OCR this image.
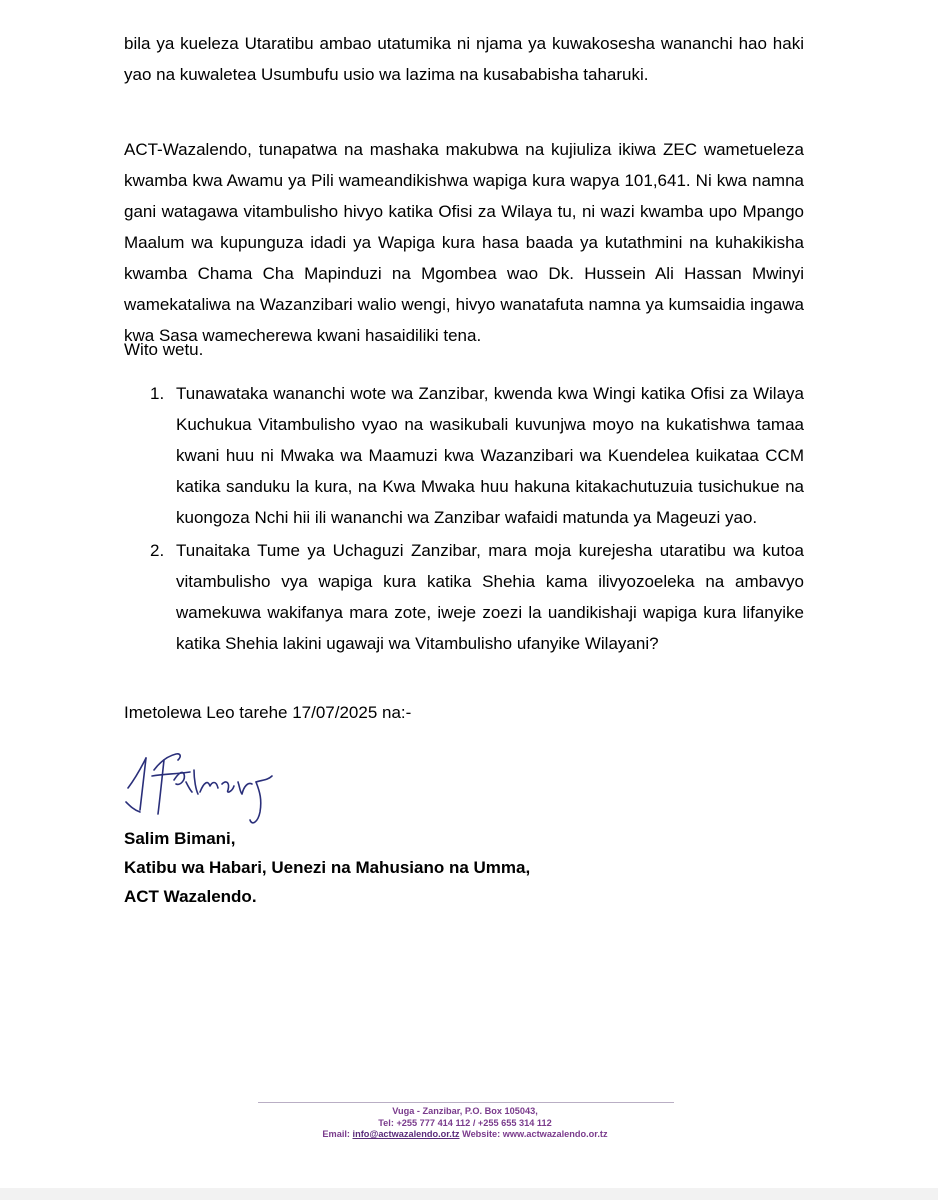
bila ya kueleza Utaratibu ambao utatumika ni njama ya kuwakosesha wananchi hao haki yao na kuwaletea Usumbufu usio wa lazima na kusababisha taharuki.

ACT-Wazalendo, tunapatwa na mashaka makubwa na kujiuliza ikiwa ZEC wametueleza kwamba kwa Awamu ya Pili wameandikishwa wapiga kura wapya 101,641. Ni kwa namna gani watagawa vitambulisho hivyo katika Ofisi za Wilaya tu, ni wazi kwamba upo Mpango Maalum wa kupunguza idadi ya Wapiga kura hasa baada ya kutathmini na kuhakikisha kwamba Chama Cha Mapinduzi na Mgombea wao Dk. Hussein Ali Hassan Mwinyi wamekataliwa na Wazanzibari walio wengi, hivyo wanatafuta namna ya kumsaidia ingawa kwa Sasa wamecherewa kwani hasaidiliki tena.

Wito wetu.

1. Tunawataka wananchi wote wa Zanzibar, kwenda kwa Wingi katika Ofisi za Wilaya Kuchukua Vitambulisho vyao na wasikubali kuvunjwa moyo na kukatishwa tamaa kwani huu ni Mwaka wa Maamuzi kwa Wazanzibari wa Kuendelea kuikataa CCM katika sanduku la kura, na Kwa Mwaka huu hakuna kitakachutuzuia tusichukue na kuongoza Nchi hii ili wananchi wa Zanzibar wafaidi matunda ya Mageuzi yao.
2. Tunaitaka Tume ya Uchaguzi Zanzibar, mara moja kurejesha utaratibu wa kutoa vitambulisho vya wapiga kura katika Shehia kama ilivyozoeleka na ambavyo wamekuwa wakifanya mara zote, iweje zoezi la uandikishaji wapiga kura lifanyike katika Shehia lakini ugawaji wa Vitambulisho ufanyike Wilayani?

Imetolewa Leo tarehe 17/07/2025 na:-

Salim Bimani,
Katibu wa Habari, Uenezi na Mahusiano na Umma,
ACT Wazalendo.
Vuga - Zanzibar, P.O. Box 105043,
Tel: +255 777 414 112 / +255 655 314 112
Email: info@actwazalendo.or.tz Website: www.actwazalendo.or.tz
